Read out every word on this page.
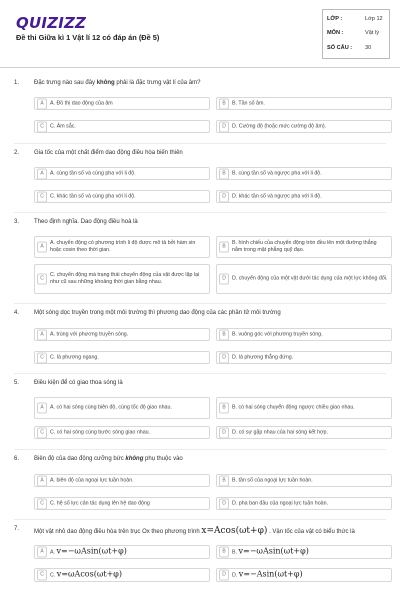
QUIZIZZ
Đề thi Giữa kì 1 Vật lí 12 có đáp án (Đề 5)
LỚP :	Lớp 12
MÔN :	Vật lý
SỐ CÂU : 30
1. Đặc trưng nào sau đây không phải là đặc trưng vật lí của âm?
A	A. Đồ thị dao động của âm	B	B. Tần số âm.
C	C. Âm sắc.	D	D. Cường độ (hoặc mức cường độ âm).
2. Gia tốc của một chất điểm dao động điều hòa biến thiên
A	A. cùng tần số và cùng pha với li độ.	B	B. cùng tần số và ngược pha với li độ.
C	C. khác tần số và cùng pha với li độ.	D	D. khác tần số và ngược pha với li độ.
3. Theo định nghĩa. Dao động điều hoà là
A
A. chuyển động có phương trình li độ được mô tả bởi hàm sin hoặc cosin theo thời gian.
B
B. hình chiếu của chuyển động tròn đều lên một đường thẳng nằm trong mặt phẳng quỹ đạo.
C
C. chuyển động mà trạng thái chuyển động của vật được lặp lại như cũ sau những khoảng thời gian bằng nhau.
D	D. chuyển động của một vật dưới tác dụng của một lực không đổi.
4. Một sóng dọc truyền trong một môi trường thì phương dao động của các phần tử môi trường
A	A. trùng với phương truyền sóng.	B	B. vuông góc với phương truyền sóng.
C	C. là phương ngang.	D	D. là phương thẳng đứng.
5. Điều kiện để có giao thoa sóng là
A	A. có hai sóng cùng biên độ, cùng tốc độ giao nhau.	B	B. có hai sóng chuyển động ngược chiều giao nhau.
C	C. có hai sóng cùng bước sóng giao nhau.	D	D. có sự gặp nhau của hai sóng kết hợp.
6. Biên độ của dao động cưỡng bức không phụ thuộc vào
A	A. biên độ của ngoại lực tuần hoàn.	B	B. tần số của ngoại lực tuần hoàn.
C	C. hệ số lực cản tác dụng lên hệ dao động	D	D. pha ban đầu của ngoại lực tuần hoàn.
7. Một vật nhỏ dao động điều hòa trên trục Ox theo phương trình x=Acos(ωt+φ) . Vận tốc của vật có biểu thức là
A	A. v=−ωAsin(ωt+φ)	B	B. v=−ωAsin(ωt+φ)
C	C. v=ωAcos(ωt+φ)	D	D. v=−Asin(ωt+φ)
